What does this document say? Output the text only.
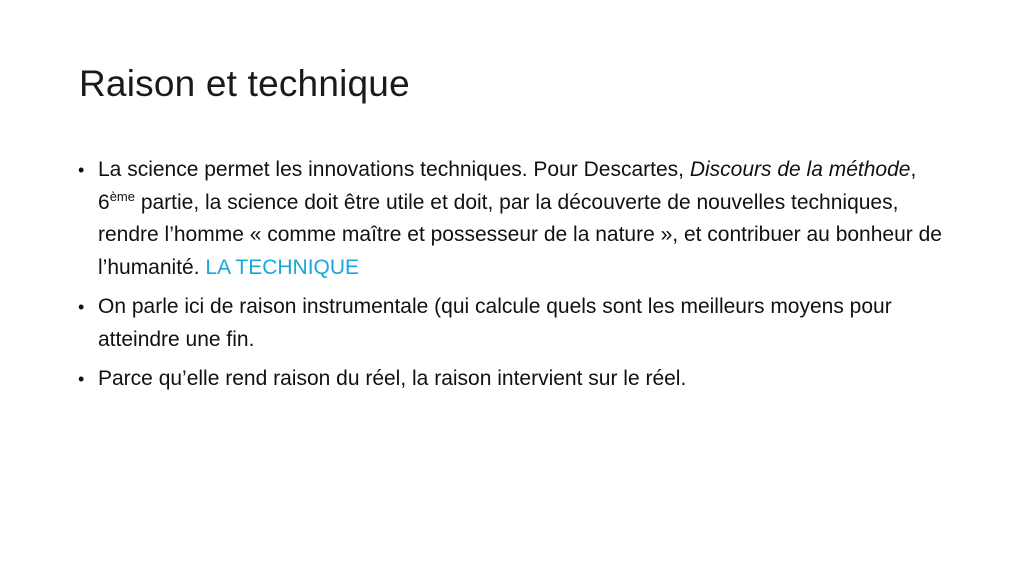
Raison et technique
• La science permet les innovations techniques. Pour Descartes, Discours de la méthode, 6ème partie, la science doit être utile et doit, par la découverte de nouvelles techniques, rendre l’homme « comme maître et possesseur de la nature », et contribuer au bonheur de l’humanité. LA TECHNIQUE
• On parle ici de raison instrumentale (qui calcule quels sont les meilleurs moyens pour atteindre une fin.
• Parce qu’elle rend raison du réel, la raison intervient sur le réel.
